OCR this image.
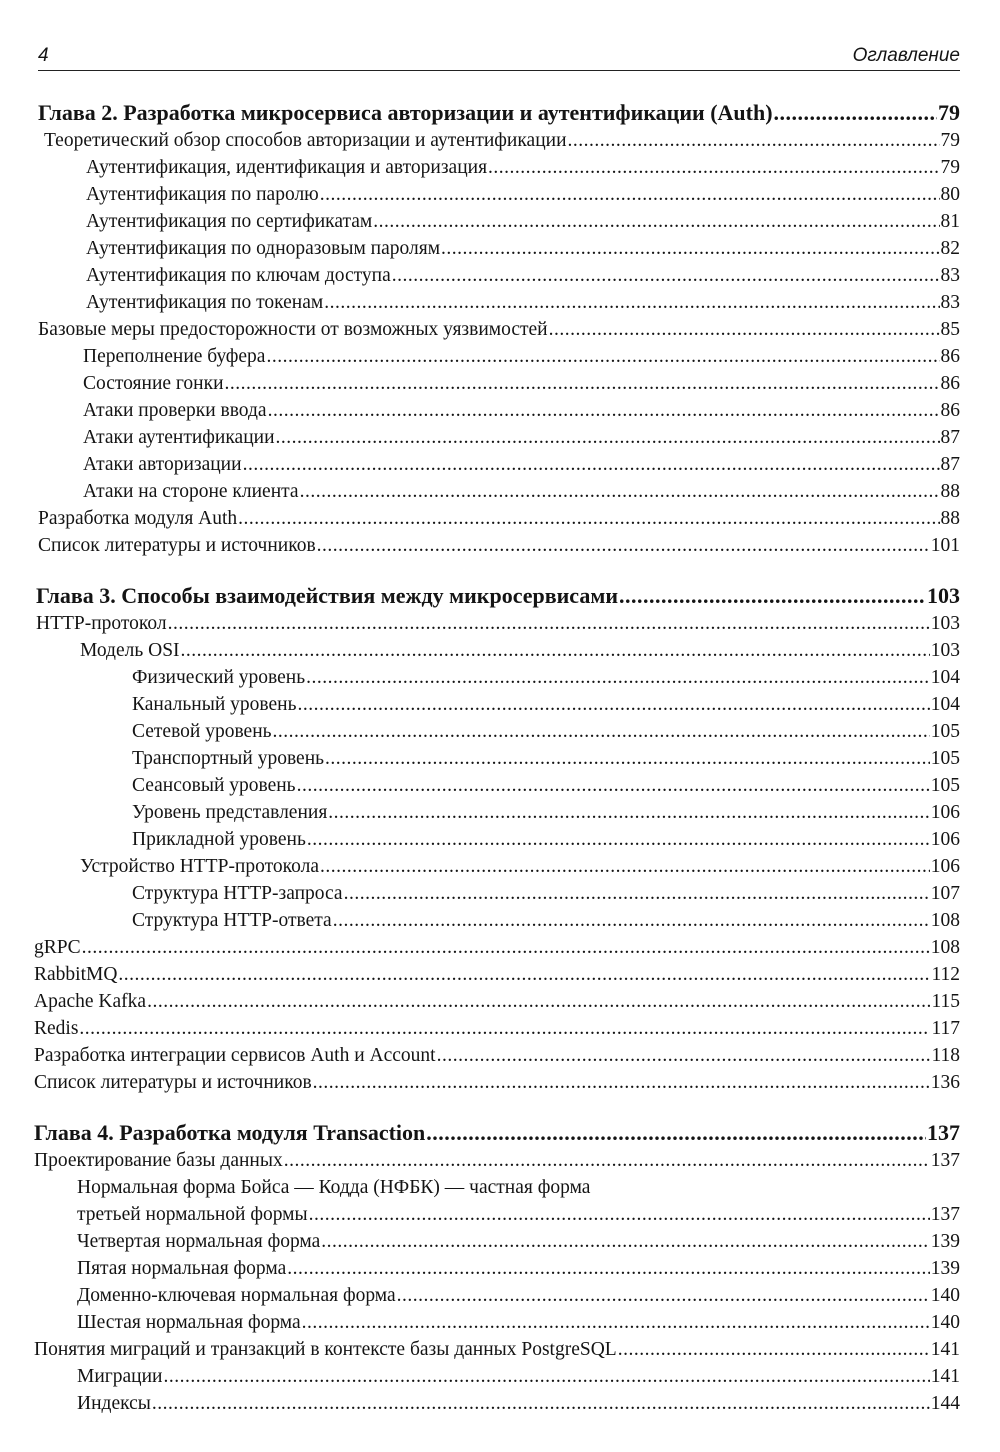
4	Оглавление
Глава 2. Разработка микросервиса авторизации и аутентификации (Auth) .....	79
Теоретический обзор способов авторизации и аутентификации .....	79
Аутентификация, идентификация и авторизация .....	79
Аутентификация по паролю .....	80
Аутентификация по сертификатам .....	81
Аутентификация по одноразовым паролям .....	82
Аутентификация по ключам доступа .....	83
Аутентификация по токенам .....	83
Базовые меры предосторожности от возможных уязвимостей .....	85
Переполнение буфера .....	86
Состояние гонки .....	86
Атаки проверки ввода .....	86
Атаки аутентификации .....	87
Атаки авторизации .....	87
Атаки на стороне клиента .....	88
Разработка модуля Auth .....	88
Список литературы и источников .....	101
Глава 3. Способы взаимодействия между микросервисами .....	103
HTTP-протокол .....	103
Модель OSI .....	103
Физический уровень .....	104
Канальный уровень .....	104
Сетевой уровень .....	105
Транспортный уровень .....	105
Сеансовый уровень .....	105
Уровень представления .....	106
Прикладной уровень .....	106
Устройство HTTP-протокола .....	106
Структура HTTP-запроса .....	107
Структура HTTP-ответа .....	108
gRPC .....	108
RabbitMQ .....	112
Apache Kafka .....	115
Redis .....	117
Разработка интеграции сервисов Auth и Account .....	118
Список литературы и источников .....	136
Глава 4. Разработка модуля Transaction .....	137
Проектирование базы данных .....	137
Нормальная форма Бойса — Кодда (НФБК) — частная форма
третьей нормальной формы .....	137
Четвертая нормальная форма .....	139
Пятая нормальная форма .....	139
Доменно-ключевая нормальная форма .....	140
Шестая нормальная форма .....	140
Понятия миграций и транзакций в контексте базы данных PostgreSQL .....	141
Миграции .....	141
Индексы .....	144
